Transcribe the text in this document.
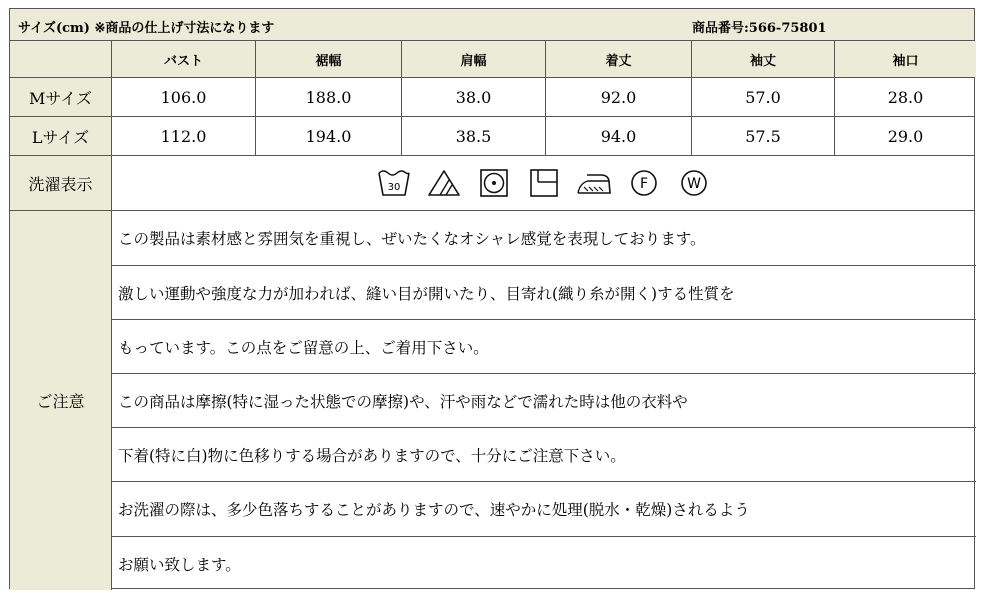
サイズ(cm) ※商品の仕上げ寸法になります	商品番号:566-75801
バスト	裾幅	肩幅	着丈	袖丈	袖口
Mサイズ	106.0	188.0	38.0	92.0	57.0	28.0
Lサイズ	112.0	194.0	38.5	94.0	57.5	29.0
洗濯表示	30	F	W
ご注意
この製品は素材感と雰囲気を重視し、ぜいたくなオシャレ感覚を表現しております。
激しい運動や強度な力が加われば、縫い目が開いたり、目寄れ(織り糸が開く)する性質を
もっています。この点をご留意の上、ご着用下さい。
この商品は摩擦(特に湿った状態での摩擦)や、汗や雨などで濡れた時は他の衣料や
下着(特に白)物に色移りする場合がありますので、十分にご注意下さい。
お洗濯の際は、多少色落ちすることがありますので、速やかに処理(脱水・乾燥)されるよう
お願い致します。
